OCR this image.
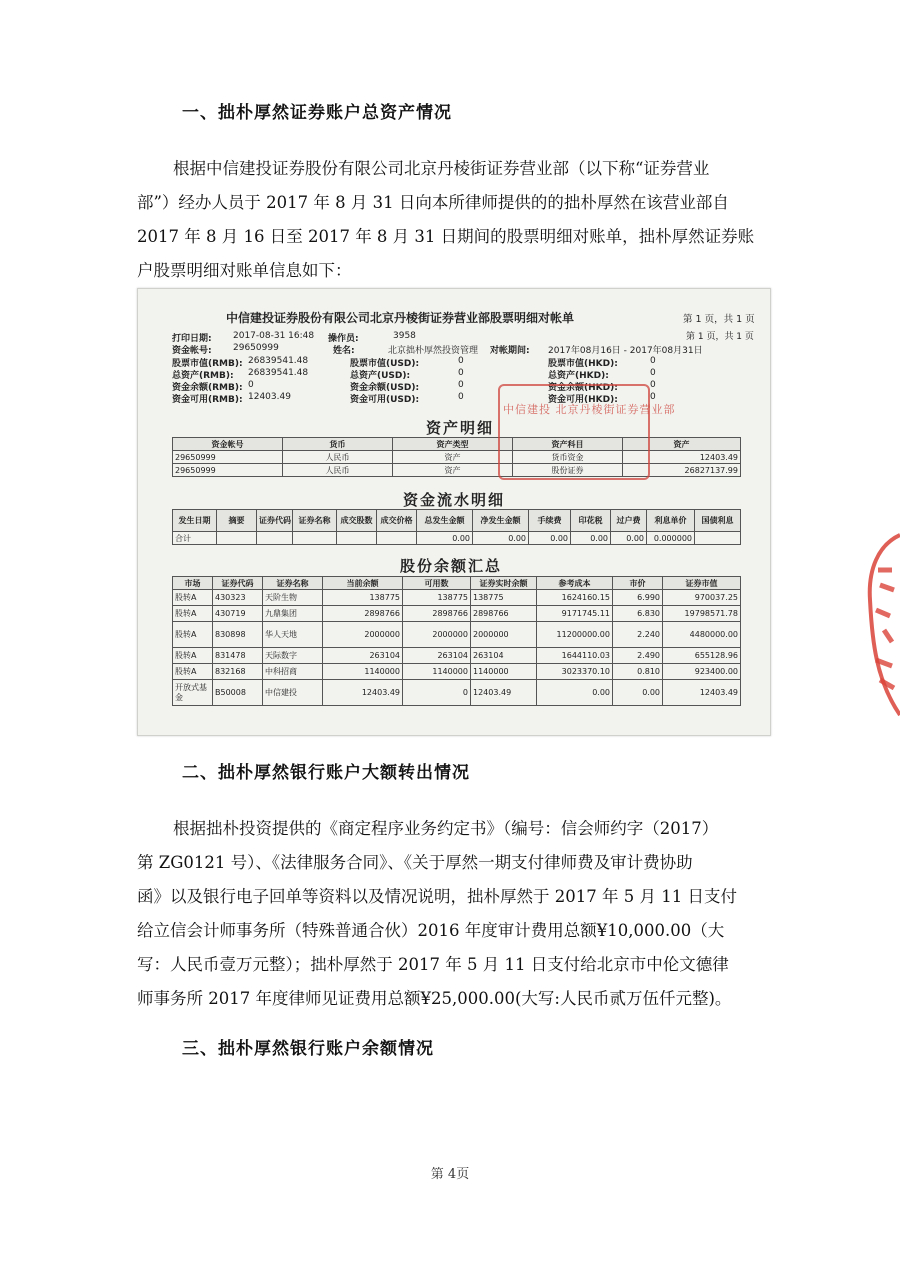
一、拙朴厚然证券账户总资产情况
根据中信建投证券股份有限公司北京丹棱街证券营业部（以下称“证券营业
部”）经办人员于 2017 年 8 月 31 日向本所律师提供的的拙朴厚然在该营业部自
2017 年 8 月 16 日至 2017 年 8 月 31 日期间的股票明细对账单，拙朴厚然证券账
户股票明细对账单信息如下：
中信建投证券股份有限公司北京丹棱街证券营业部股票明细对帐单	第 1 页，共 1 页
第 1 页，共 1 页
打印日期: 2017-08-31 16:48 操作员:	3958
资金帐号: 29650999	姓名:	北京拙朴厚然投资管理 对帐期间: 2017年08月16日 - 2017年08月31日
股票市值(RMB): 26839541.48
总资产(RMB): 26839541.48
资金余额(RMB): 0
资金可用(RMB): 12403.49
股票市值(USD):	0
总资产(USD):	0
资金余额(USD):	0
资金可用(USD):	0
股票市值(HKD):	0
总资产(HKD):	0
资金余额(HKD):	0
资金可用(HKD):	0
资产明细
资金帐号	货币	资产类型	资产科目	资产
29650999	人民币	资产	货币资金	12403.49
29650999	人民币	资产	股份证券	26827137.99
中信建投 北京丹棱街证券营业部
资金流水明细
发生日期	摘要	证券代码	证券名称	成交股数	成交价格	总发生金额	净发生金额	手续费	印花税	过户费	利息单价	国债利息
合计						0.00	0.00	0.00	0.00	0.00	0.000000	
股份余额汇总
市场	证券代码	证券名称	当前余额	可用数	证券实时余额	参考成本	市价	证券市值
股转A	430323	天阶生物	138775	138775	138775	1624160.15	6.990	970037.25
股转A	430719	九鼎集团	2898766	2898766	2898766	9171745.11	6.830	19798571.78
股转A	830898	华人天地	2000000	2000000	2000000	11200000.00	2.240	4480000.00
股转A	831478	天际数字	263104	263104	263104	1644110.03	2.490	655128.96
股转A	832168	中科招商	1140000	1140000	1140000	3023370.10	0.810	923400.00
开放式基金	B50008	中信建投	12403.49	0	12403.49	0.00	0.00	12403.49
二、拙朴厚然银行账户大额转出情况
根据拙朴投资提供的《商定程序业务约定书》（编号：信会师约字（2017）
第 ZG0121 号）、《法律服务合同》、《关于厚然一期支付律师费及审计费协助
函》以及银行电子回单等资料以及情况说明，拙朴厚然于 2017 年 5 月 11 日支付
给立信会计师事务所（特殊普通合伙）2016 年度审计费用总额¥10,000.00（大
写：人民币壹万元整）；拙朴厚然于 2017 年 5 月 11 日支付给北京市中伦文德律
师事务所 2017 年度律师见证费用总额¥25,000.00(大写:人民币贰万伍仟元整)。
三、拙朴厚然银行账户余额情况
第 4页
